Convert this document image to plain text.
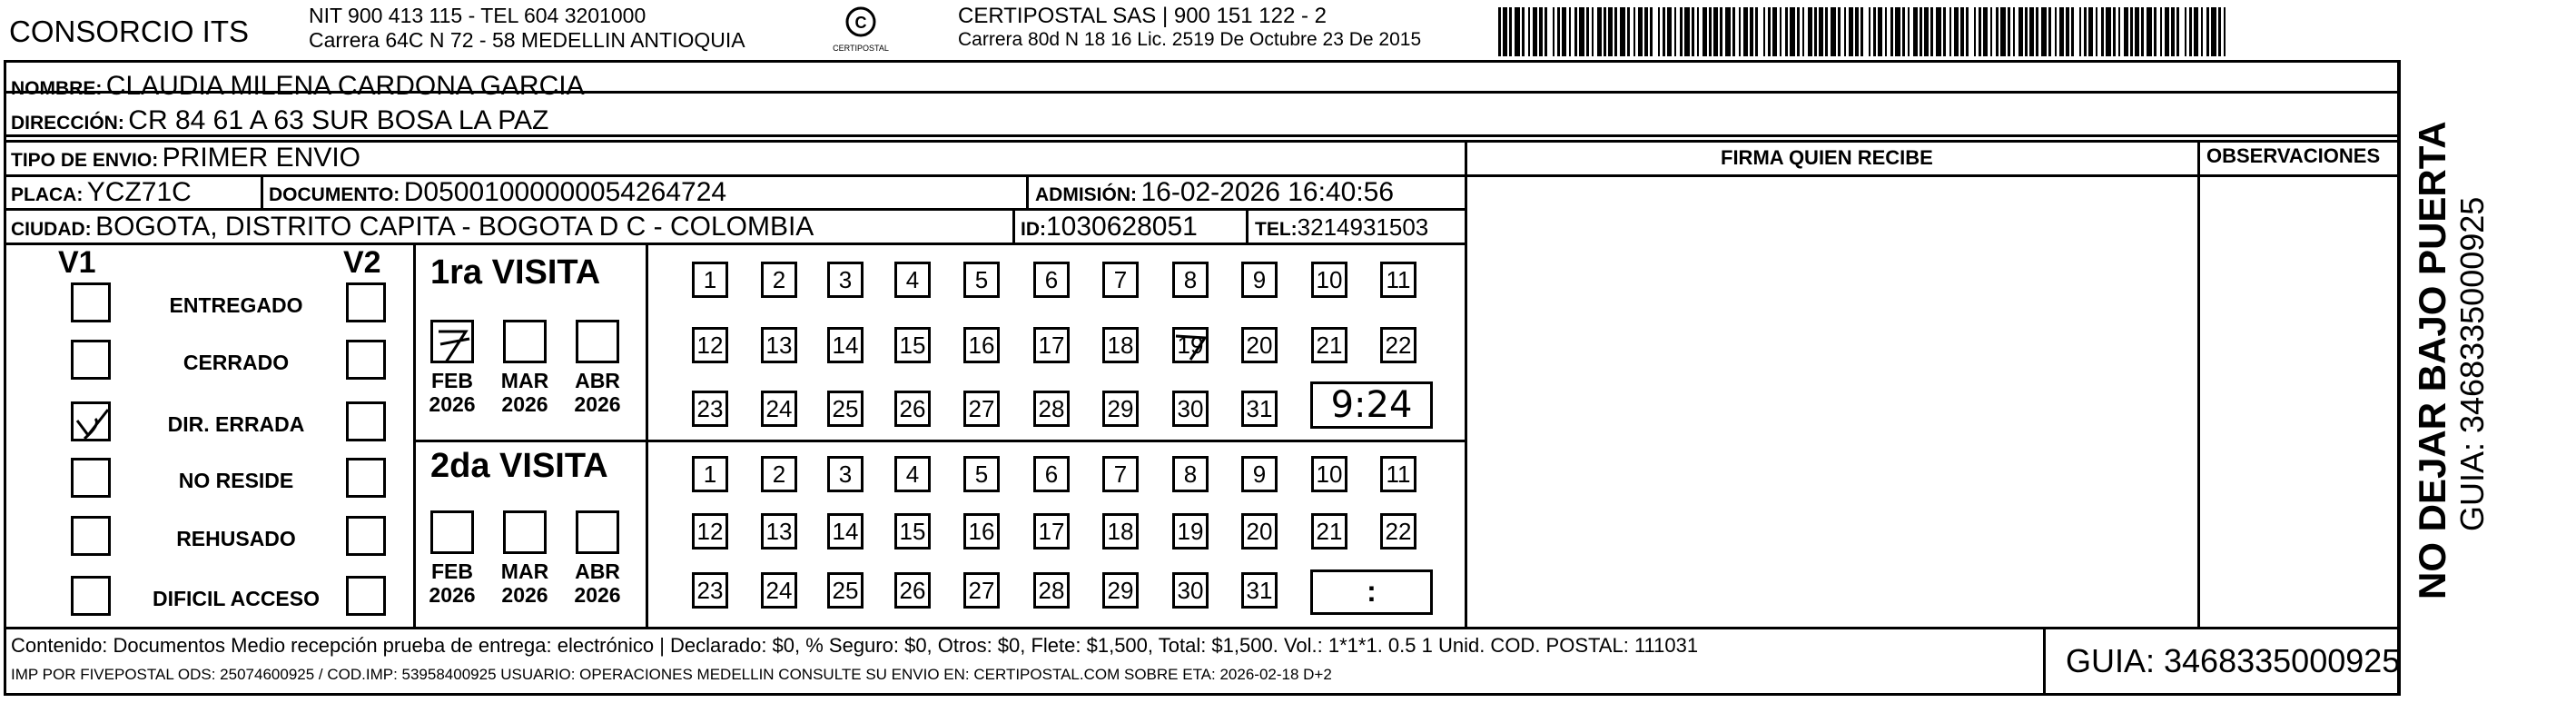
CONSORCIO ITS	NIT 900 413 115 - TEL 604 3201000
Carrera 64C N 72 - 58 MEDELLIN ANTIOQUIA
C
CERTIPOSTAL
CERTIPOSTAL SAS | 900 151 122 - 2
Carrera 80d N 18 16 Lic. 2519 De Octubre 23 De 2015
NOMBRE: CLAUDIA MILENA CARDONA GARCIA
DIRECCIÓN: CR 84 61 A 63 SUR BOSA LA PAZ
TIPO DE ENVIO: PRIMER ENVIO	FIRMA QUIEN RECIBE	OBSERVACIONES
PLACA: YCZ71C	DOCUMENTO: D05001000000054264724	ADMISIÓN: 16-02-2026 16:40:56
CIUDAD: BOGOTA, DISTRITO CAPITA - BOGOTA D C - COLOMBIA	ID:1030628051	TEL:3214931503
V1	V2
ENTREGADO
CERRADO
DIR. ERRADA
NO RESIDE
REHUSADO
DIFICIL ACCESO
1ra VISITA
2da VISITA
FEB
2026
MAR
2026
ABR
2026
FEB
2026
MAR
2026
ABR
2026
1	2	3	4	5	6	7	8	9	10 11
12 13 14 15 16 17 18 19 20 21 22
23 24 25 26 27 28 29 30 31
1	2	3	4	5	6	7	8	9	10 11
12 13 14 15 16 17 18 19 20 21 22
23 24 25 26 27 28 29 30 31
9:24
:
Contenido: Documentos Medio recepción prueba de entrega: electrónico | Declarado: $0, % Seguro: $0, Otros: $0, Flete: $1,500, Total: $1,500. Vol.: 1*1*1. 0.5 1 Unid. COD. POSTAL: 111031
IMP POR FIVEPOSTAL ODS: 25074600925 / COD.IMP: 53958400925 USUARIO: OPERACIONES MEDELLIN CONSULTE SU ENVIO EN: CERTIPOSTAL.COM SOBRE ETA: 2026-02-18 D+2	GUIA: 3468335000925
NO DEJAR BAJO PUERTA GUIA: 3468335000925
